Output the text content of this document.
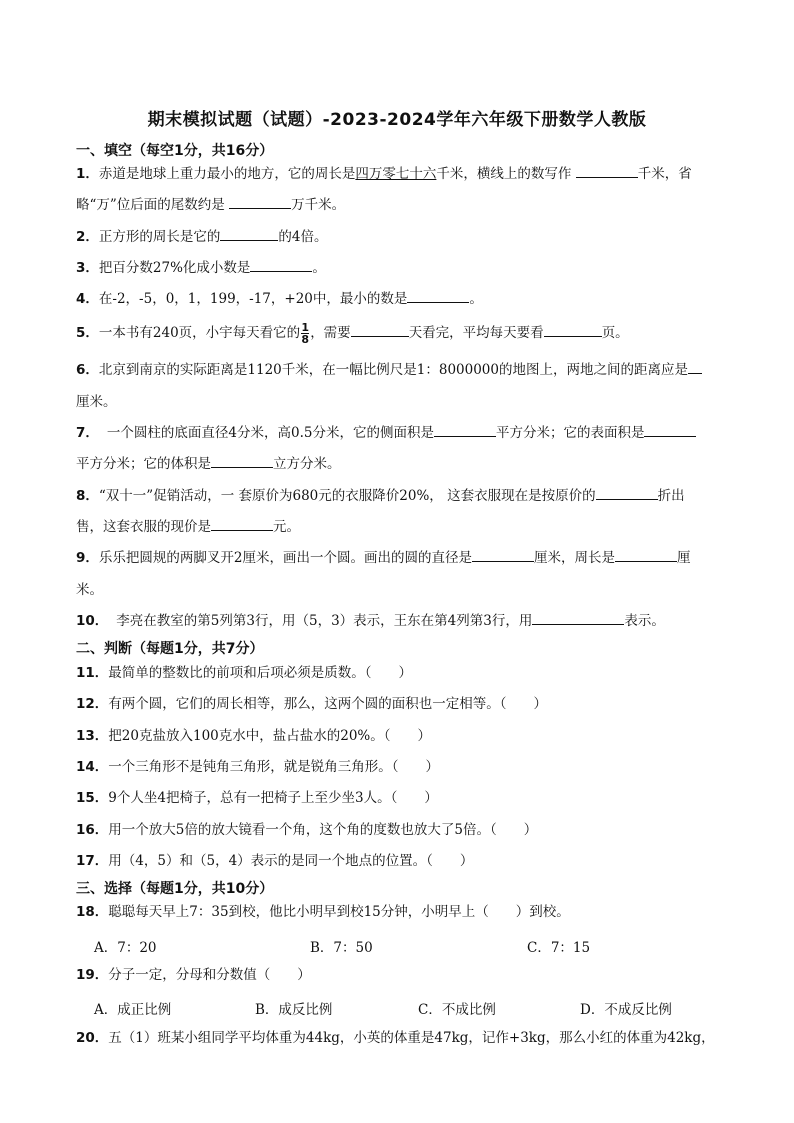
期末模拟试题（试题）-2023-2024学年六年级下册数学人教版
一、填空（每空1分，共16分）
1．赤道是地球上重力最小的地方，它的周长是四万零七十六千米，横线上的数写作	千米，省
略“万”位后面的尾数约是	万千米。
2．正方形的周长是它的	的4倍。
3．把百分数27%化成小数是	。
4．在-2，-5，0，1，199，-17，+20中，最小的数是	。
5．一本书有240页，小宇每天看它的 $\frac{1}{8}$ ，需要	天看完，平均每天要看	页。
6．北京到南京的实际距离是1120千米，在一幅比例尺是1：8000000的地图上，两地之间的距离应是
厘米。
7． 一个圆柱的底面直径4分米，高0.5分米，它的侧面积是	平方分米；它的表面积是
平方分米；它的体积是	立方分米。
8．“双十一”促销活动，一 套原价为680元的衣服降价20%， 这套衣服现在是按原价的	折出
售，这套衣服的现价是	元。
9．乐乐把圆规的两脚叉开2厘米，画出一个圆。画出的圆的直径是	厘米，周长是	厘
米。
10． 李亮在教室的第5列第3行，用（5，3）表示，王东在第4列第3行，用	表示。
二、判断（每题1分，共7分）
11．最简单的整数比的前项和后项必须是质数。（　　）
12．有两个圆，它们的周长相等，那么，这两个圆的面积也一定相等。（　　）
13．把20克盐放入100克水中，盐占盐水的20%。（　　）
14．一个三角形不是钝角三角形，就是锐角三角形。（　　）
15．9个人坐4把椅子，总有一把椅子上至少坐3人。（　　）
16．用一个放大5倍的放大镜看一个角，这个角的度数也放大了5倍。（　　）
17．用（4，5）和（5，4）表示的是同一个地点的位置。（　　）
三、选择（每题1分，共10分）
18．聪聪每天早上7：35到校，他比小明早到校15分钟，小明早上（　　）到校。
A．7：20	B．7：50	C．7：15
19．分子一定，分母和分数值（　　）
A．成正比例	B．成反比例	C．不成比例	D．不成反比例
20．五（1）班某小组同学平均体重为44kg，小英的体重是47kg，记作+3kg，那么小红的体重为42kg，
